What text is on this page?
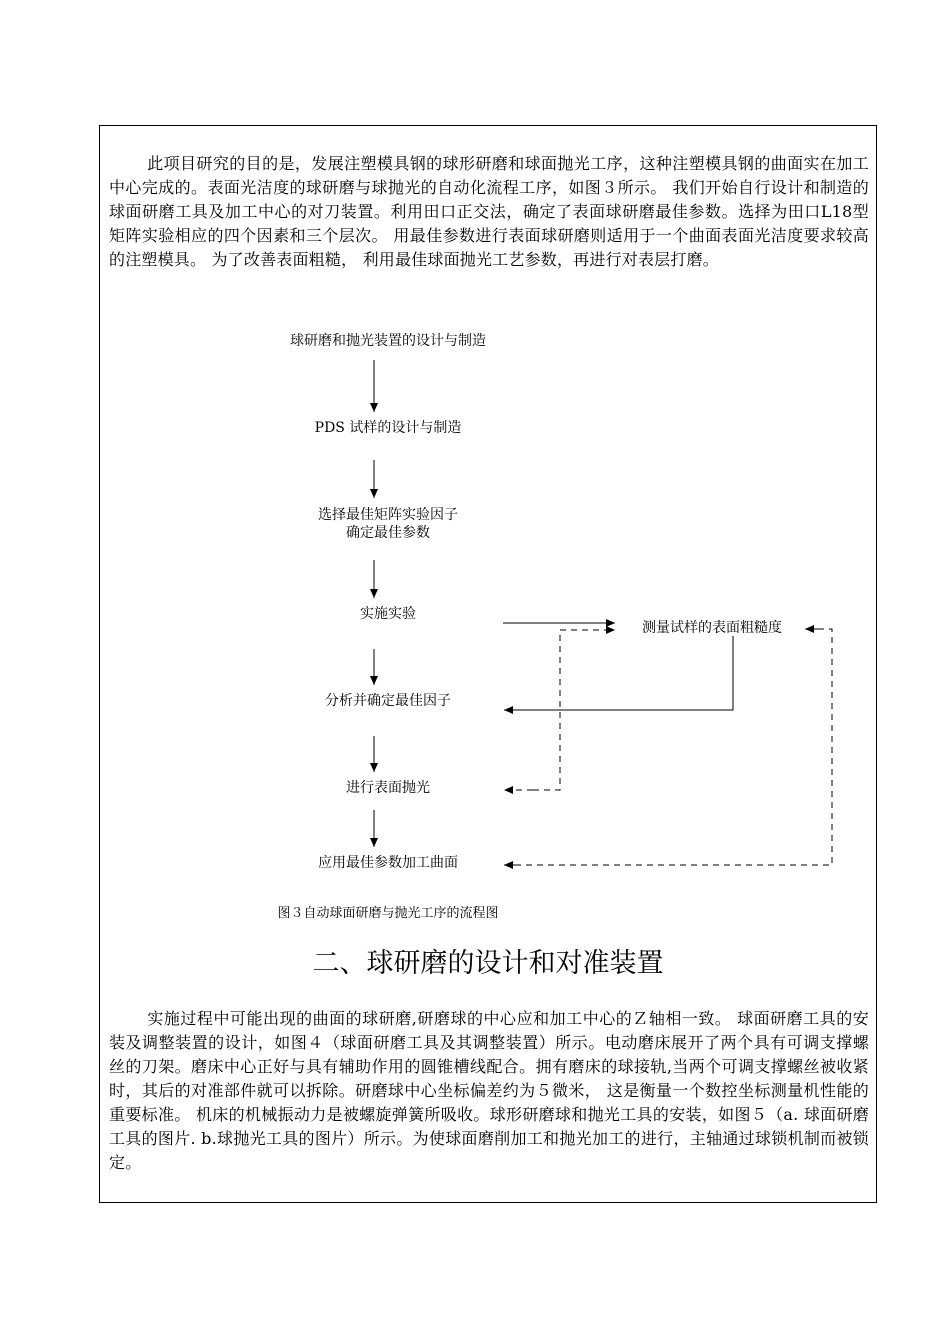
此项目研究的目的是，发展注塑模具钢的球形研磨和球面抛光工序，这种注塑模具钢的曲面实在加工中心完成的。表面光洁度的球研磨与球抛光的自动化流程工序，如图３所示。 我们开始自行设计和制造的球面研磨工具及加工中心的对刀装置。利用田口正交法，确定了表面球研磨最佳参数。选择为田口L18型矩阵实验相应的四个因素和三个层次。 用最佳参数进行表面球研磨则适用于一个曲面表面光洁度要求较高的注塑模具。 为了改善表面粗糙， 利用最佳球面抛光工艺参数，再进行对表层打磨。

球研磨和抛光装置的设计与制造
PDS 试样的设计与制造
选择最佳矩阵实验因子
确定最佳参数
实施实验
分析并确定最佳因子
进行表面抛光
应用最佳参数加工曲面
测量试样的表面粗糙度
图３自动球面研磨与抛光工序的流程图
二、球研磨的设计和对准装置

实施过程中可能出现的曲面的球研磨,研磨球的中心应和加工中心的Ｚ轴相一致。 球面研磨工具的安装及调整装置的设计，如图４（球面研磨工具及其调整装置）所示。电动磨床展开了两个具有可调支撑螺丝的刀架。磨床中心正好与具有辅助作用的圆锥槽线配合。拥有磨床的球接轨,当两个可调支撑螺丝被收紧时，其后的对准部件就可以拆除。研磨球中心坐标偏差约为５微米， 这是衡量一个数控坐标测量机性能的重要标准。 机床的机械振动力是被螺旋弹簧所吸收。球形研磨球和抛光工具的安装，如图５（a. 球面研磨工具的图片. b.球抛光工具的图片）所示。为使球面磨削加工和抛光加工的进行，主轴通过球锁机制而被锁定。
